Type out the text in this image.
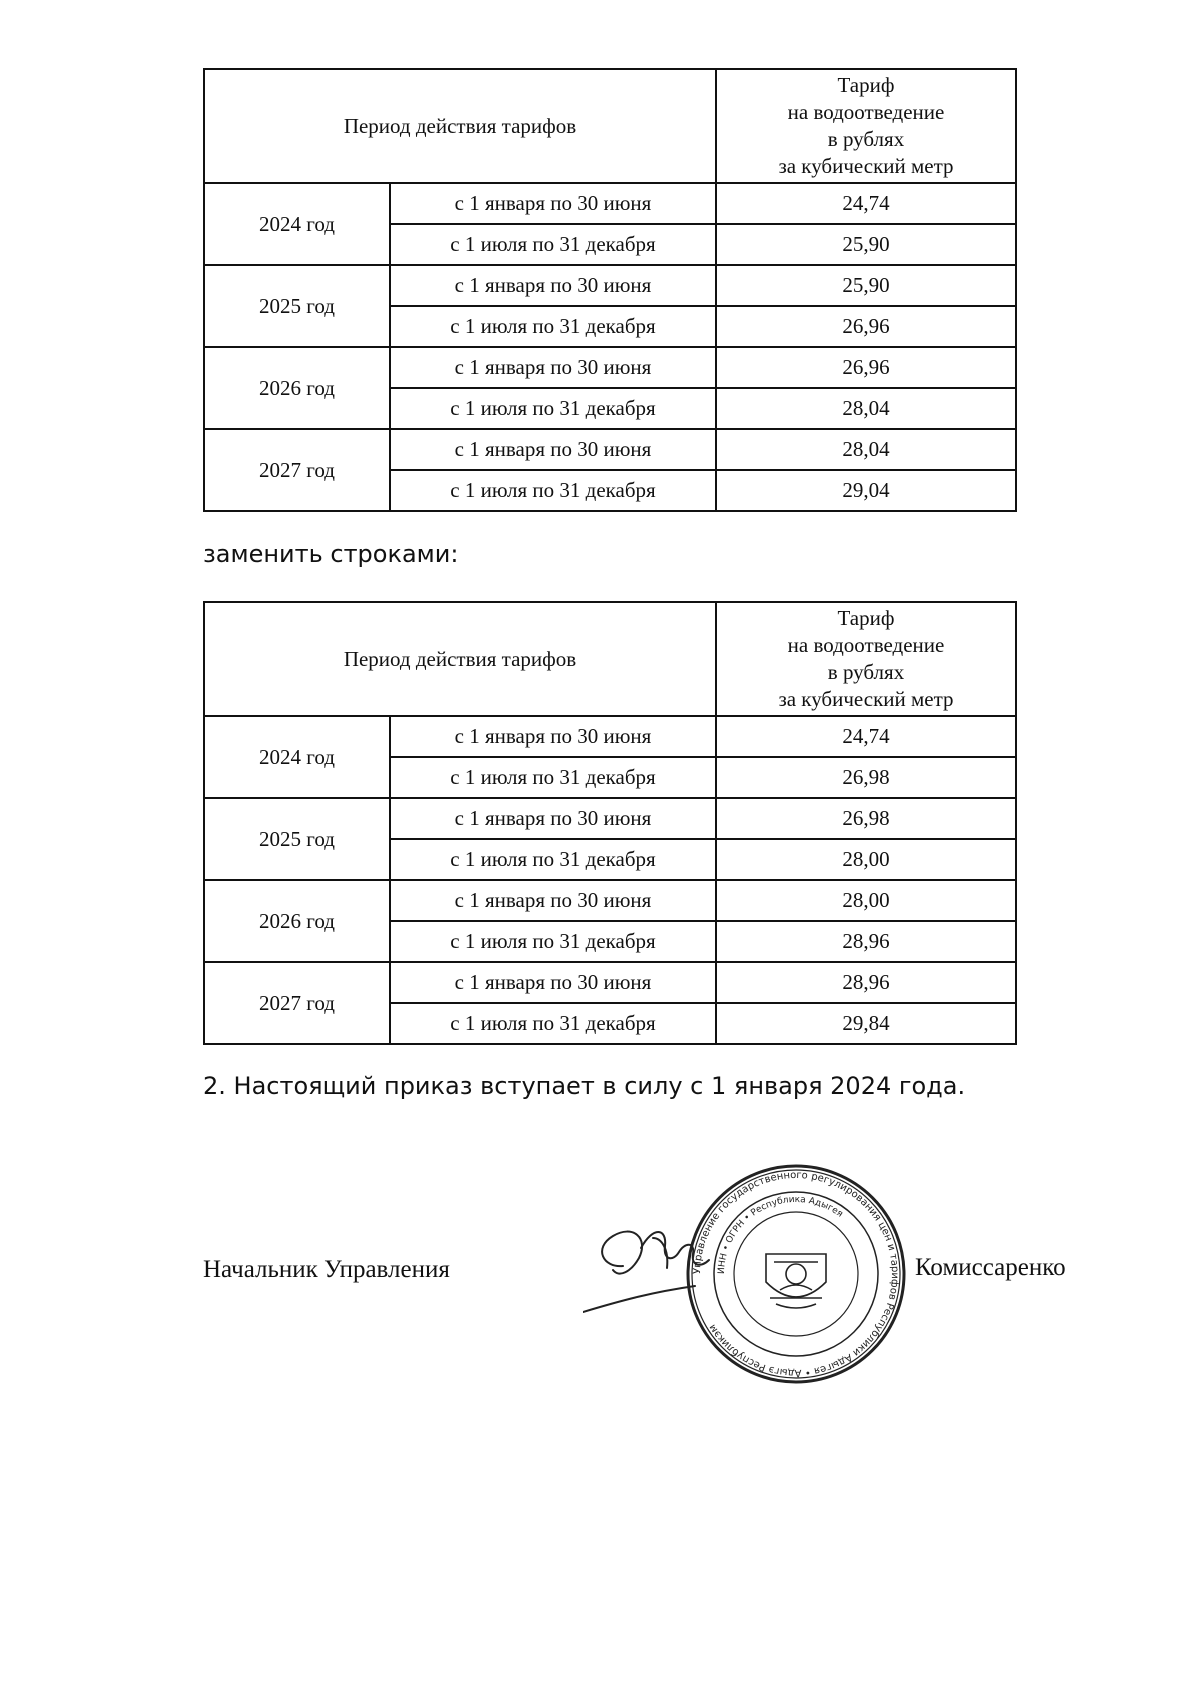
Период действия тарифов		Тариф
на водоотведение
в рублях
за кубический метр

2024 год	с 1 января по 30 июня	24,74
	с 1 июля по 31 декабря	25,90
2025 год	с 1 января по 30 июня	25,90
	с 1 июля по 31 декабря	26,96
2026 год	с 1 января по 30 июня	26,96
	с 1 июля по 31 декабря	28,04
2027 год	с 1 января по 30 июня	28,04
	с 1 июля по 31 декабря	29,04
заменить строками:
Период действия тарифов		Тариф
на водоотведение
в рублях
за кубический метр

2024 год	с 1 января по 30 июня	24,74
	с 1 июля по 31 декабря	26,98
2025 год	с 1 января по 30 июня	26,98
	с 1 июля по 31 декабря	28,00
2026 год	с 1 января по 30 июня	28,00
	с 1 июля по 31 декабря	28,96
2027 год	с 1 января по 30 июня	28,96
	с 1 июля по 31 декабря	29,84
2. Настоящий приказ вступает в силу с 1 января 2024 года.
Начальник Управления	Управление государственного регулирования цен и тарифов Республики Адыгея • Адыгэ Республикэм
ИНН • ОГРН • Республика Адыгея
Комиссаренко
